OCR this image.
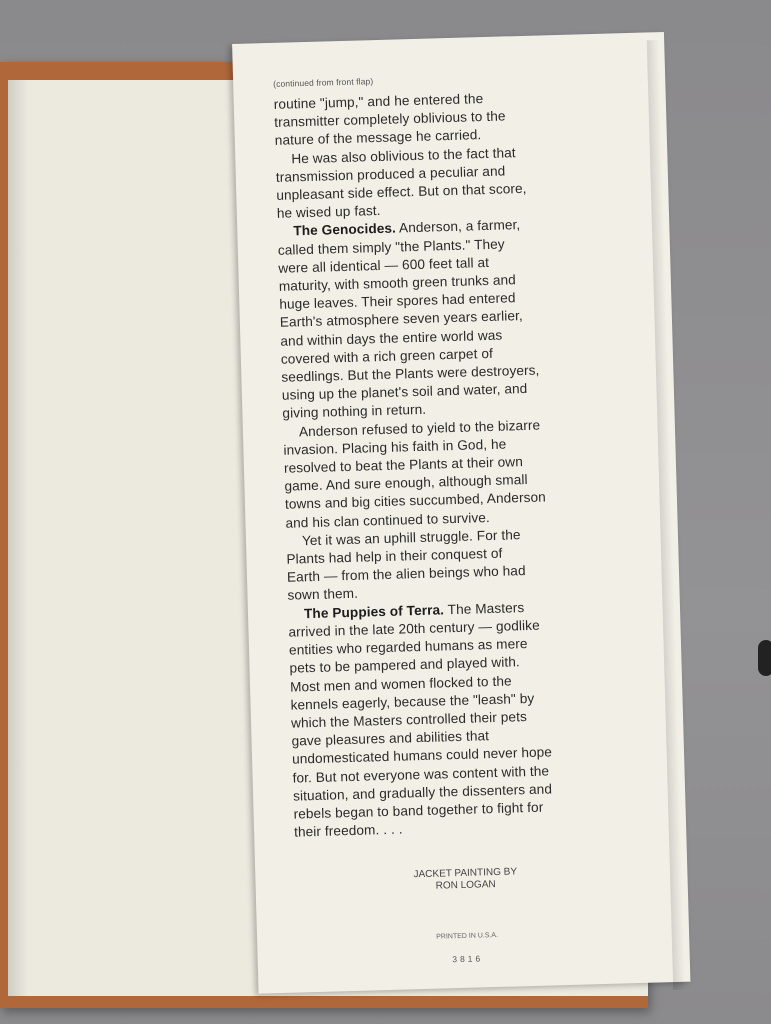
(continued from front flap)
routine "jump," and he entered the
transmitter completely oblivious to the
nature of the message he carried.
He was also oblivious to the fact that
transmission produced a peculiar and
unpleasant side effect. But on that score,
he wised up fast.
The Genocides. Anderson, a farmer,
called them simply "the Plants." They
were all identical — 600 feet tall at
maturity, with smooth green trunks and
huge leaves. Their spores had entered
Earth's atmosphere seven years earlier,
and within days the entire world was
covered with a rich green carpet of
seedlings. But the Plants were destroyers,
using up the planet's soil and water, and
giving nothing in return.
Anderson refused to yield to the bizarre
invasion. Placing his faith in God, he
resolved to beat the Plants at their own
game. And sure enough, although small
towns and big cities succumbed, Anderson
and his clan continued to survive.
Yet it was an uphill struggle. For the
Plants had help in their conquest of
Earth — from the alien beings who had
sown them.
The Puppies of Terra. The Masters
arrived in the late 20th century — godlike
entities who regarded humans as mere
pets to be pampered and played with.
Most men and women flocked to the
kennels eagerly, because the "leash" by
which the Masters controlled their pets
gave pleasures and abilities that
undomesticated humans could never hope
for. But not everyone was content with the
situation, and gradually the dissenters and
rebels began to band together to fight for
their freedom. . . .
JACKET PAINTING BY
RON LOGAN
PRINTED IN U.S.A.
3816
